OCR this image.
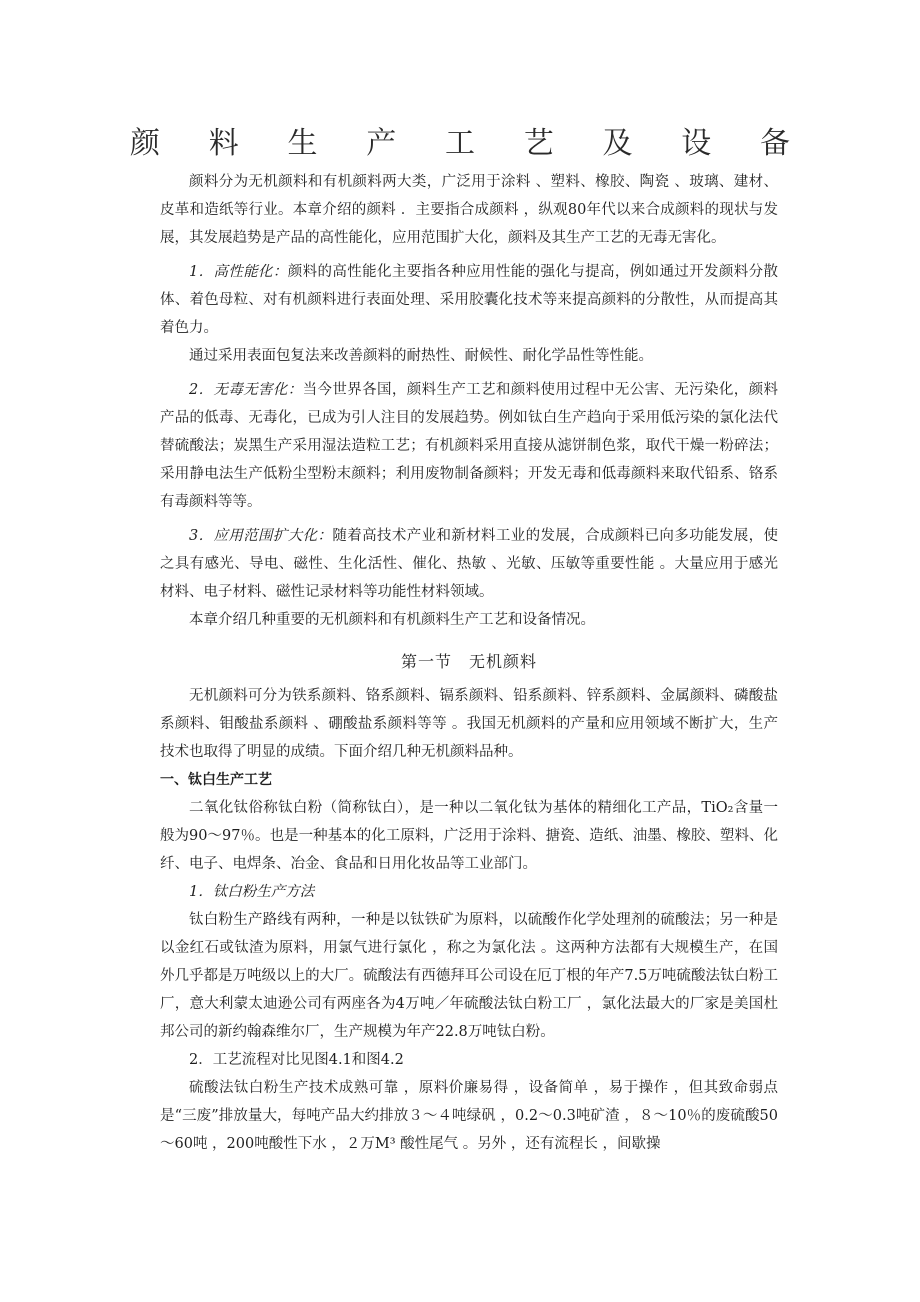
颜 料 生 产 工 艺 及 设 备

颜料分为无机颜料和有机颜料两大类，广泛用于涂料 、塑料、橡胶、陶瓷 、玻璃、建材、皮革和造纸等行业。本章介绍的颜料 ．主要指合成颜料 ，纵观80年代以来合成颜料的现状与发展，其发展趋势是产品的高性能化，应用范围扩大化，颜料及其生产工艺的无毒无害化。

1．高性能化：颜料的高性能化主要指各种应用性能的强化与提高，例如通过开发颜料分散体、着色母粒、对有机颜料进行表面处理、采用胶囊化技术等来提高颜料的分散性，从而提高其着色力。

通过采用表面包复法来改善颜料的耐热性、耐候性、耐化学品性等性能。

2．无毒无害化：当今世界各国，颜料生产工艺和颜料使用过程中无公害、无污染化，颜料产品的低毒、无毒化，已成为引人注目的发展趋势。例如钛白生产趋向于采用低污染的氯化法代替硫酸法；炭黑生产采用湿法造粒工艺；有机颜料采用直接从滤饼制色浆，取代干燥一粉碎法；采用静电法生产低粉尘型粉末颜料；利用废物制备颜料；开发无毒和低毒颜料来取代铅系、铬系有毒颜料等等。

3．应用范围扩大化：随着高技术产业和新材料工业的发展，合成颜料已向多功能发展，使之具有感光、导电、磁性、生化活性、催化、热敏 、光敏、压敏等重要性能 。大量应用于感光材料、电子材料、磁性记录材料等功能性材料领域。

本章介绍几种重要的无机颜料和有机颜料生产工艺和设备情况。

第一节　无机颜料

无机颜料可分为铁系颜料、铬系颜料、镉系颜料、铅系颜料、锌系颜料、金属颜料、磷酸盐系颜料、钼酸盐系颜料 、硼酸盐系颜料等等 。我国无机颜料的产量和应用领域不断扩大，生产技术也取得了明显的成绩。下面介绍几种无机颜料品种。

一、钛白生产工艺

二氧化钛俗称钛白粉（简称钛白），是一种以二氧化钛为基体的精细化工产品，TiO₂含量一般为90～97％。也是一种基本的化工原料，广泛用于涂料、搪瓷、造纸、油墨、橡胶、塑料、化纤、电子、电焊条、冶金、食品和日用化妆品等工业部门。

1．钛白粉生产方法

钛白粉生产路线有两种，一种是以钛铁矿为原料，以硫酸作化学处理剂的硫酸法；另一种是以金红石或钛渣为原料，用氯气进行氯化 ，称之为氯化法 。这两种方法都有大规模生产，在国外几乎都是万吨级以上的大厂。硫酸法有西德拜耳公司设在厄丁根的年产7.5万吨硫酸法钛白粉工厂，意大利蒙太迪逊公司有两座各为4万吨／年硫酸法钛白粉工厂 ，氯化法最大的厂家是美国杜邦公司的新约翰森维尔厂，生产规模为年产22.8万吨钛白粉。

2．工艺流程对比见图4.1和图4.2

硫酸法钛白粉生产技术成熟可靠 ，原料价廉易得 ，设备简单 ，易于操作 ，但其致命弱点是“三废”排放量大，每吨产品大约排放３～４吨绿矾 ，0.2～0.3吨矿渣 ，８～10％的废硫酸50～60吨 ，200吨酸性下水 ，２万M³ 酸性尾气 。另外 ，还有流程长 ，间歇操
